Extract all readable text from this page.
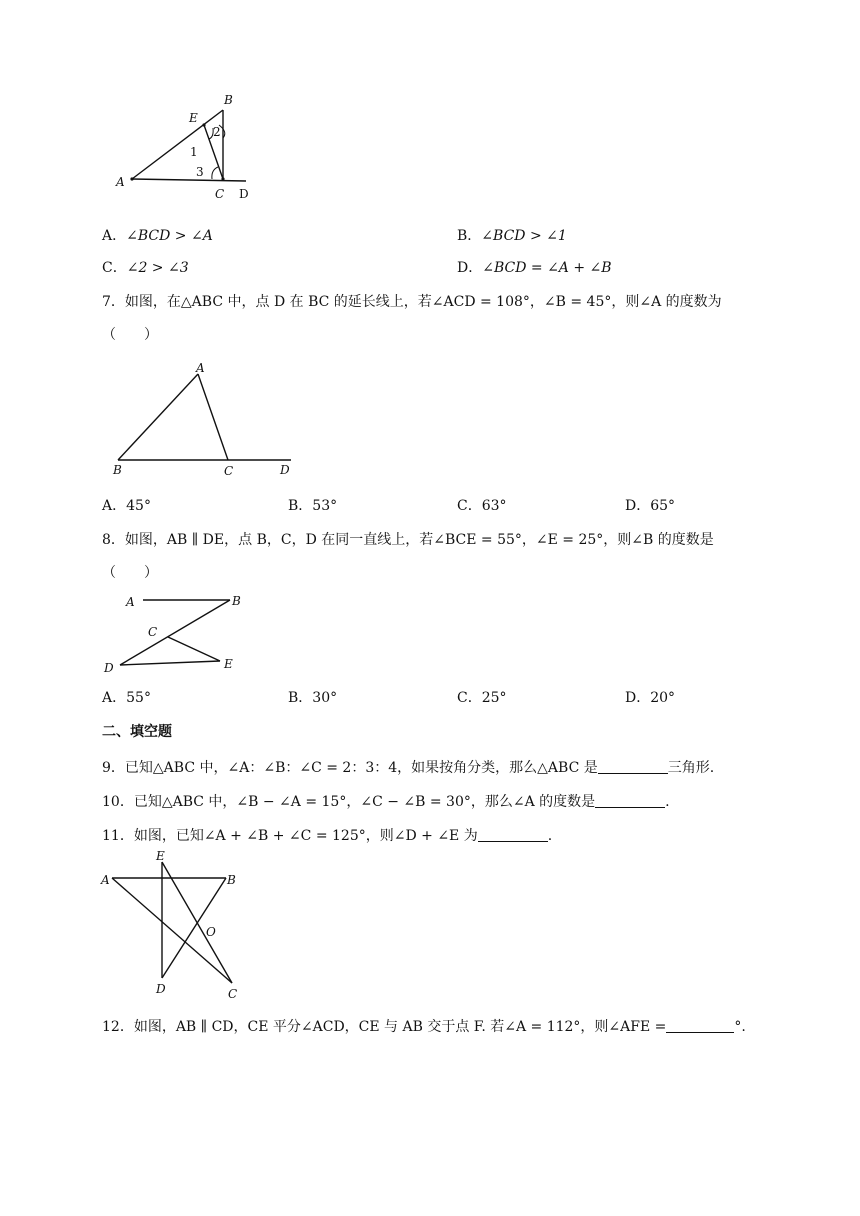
A
B
C D
E
1
2
3
A．∠BCD > ∠A	B．∠BCD > ∠1
C．∠2 > ∠3	D．∠BCD = ∠A + ∠B
7．如图，在△ABC 中，点 D 在 BC 的延长线上，若∠ACD = 108°，∠B = 45°，则∠A 的度数为
（　　）
A
B	C	D
A．45°	B．53°	C．63°	D．65°
8．如图，AB ∥ DE，点 B，C，D 在同一直线上，若∠BCE = 55°，∠E = 25°，则∠B 的度数是
（　　）
A	B
C
D	E
A．55°	B．30°	C．25°	D．20°
二、填空题
9．已知△ABC 中，∠A：∠B：∠C = 2：3：4，如果按角分类，那么△ABC 是	三角形.
10．已知△ABC 中，∠B − ∠A = 15°，∠C − ∠B = 30°，那么∠A 的度数是	.
11．如图，已知∠A + ∠B + ∠C = 125°，则∠D + ∠E 为	.
E
A	B
O
D	C
12．如图，AB ∥ CD，CE 平分∠ACD，CE 与 AB 交于点 F. 若∠A = 112°，则∠AFE =	°.
